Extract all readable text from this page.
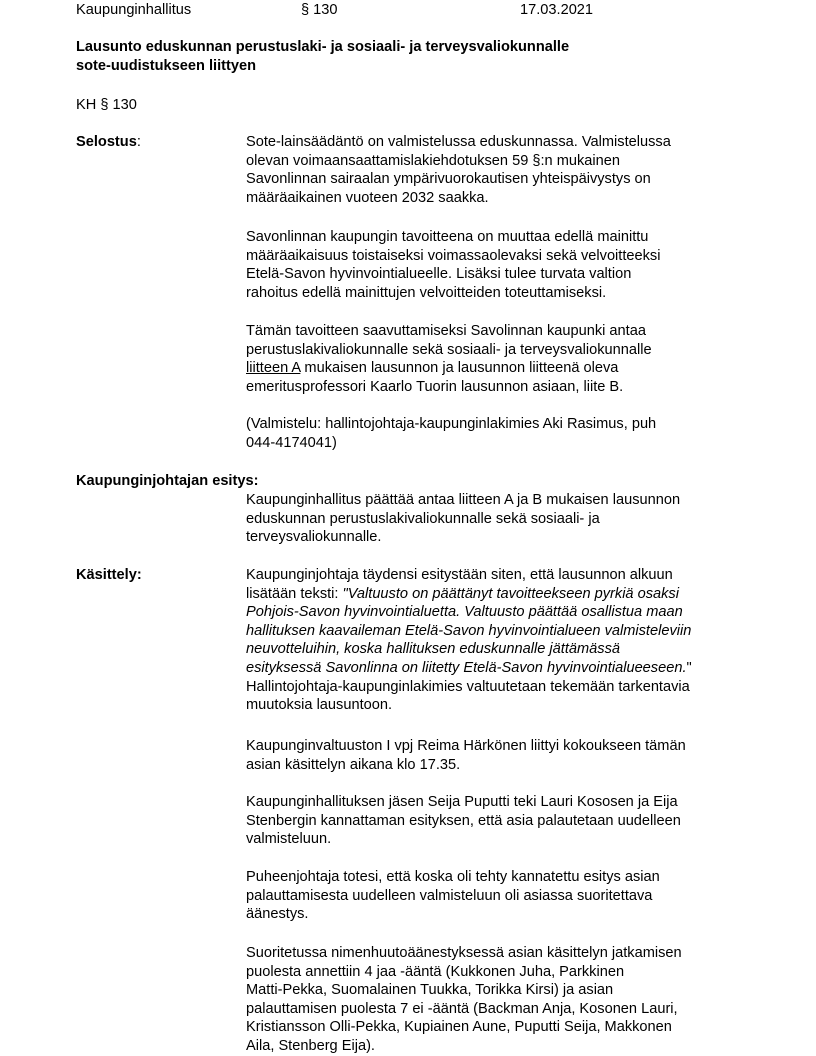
Kaupunginhallitus	§ 130	17.03.2021
Lausunto eduskunnan perustuslaki- ja sosiaali- ja terveysvaliokunnalle
sote-uudistukseen liittyen
KH § 130
Selostus:	Sote-lainsäädäntö on valmistelussa eduskunnassa. Valmistelussa

olevan voimaansaattamislakiehdotuksen 59 §:n mukainen

Savonlinnan sairaalan ympärivuorokautisen yhteispäivystys on

määräaikainen vuoteen 2032 saakka.

Savonlinnan kaupungin tavoitteena on muuttaa edellä mainittu

määräaikaisuus toistaiseksi voimassaolevaksi sekä velvoitteeksi

Etelä-Savon hyvinvointialueelle. Lisäksi tulee turvata valtion

rahoitus edellä mainittujen velvoitteiden toteuttamiseksi.

Tämän tavoitteen saavuttamiseksi Savolinnan kaupunki antaa

perustuslakivaliokunnalle sekä sosiaali- ja terveysvaliokunnalle

liitteen A mukaisen lausunnon ja lausunnon liitteenä oleva

emeritusprofessori Kaarlo Tuorin lausunnon asiaan, liite B.

(Valmistelu: hallintojohtaja-kaupunginlakimies Aki Rasimus, puh

044-4174041)

Kaupunginjohtajan esitys:

Kaupunginhallitus päättää antaa liitteen A ja B mukaisen lausunnon

eduskunnan perustuslakivaliokunnalle sekä sosiaali- ja

terveysvaliokunnalle.

Käsittely:	Kaupunginjohtaja täydensi esitystään siten, että lausunnon alkuun

lisätään teksti: "Valtuusto on päättänyt tavoitteekseen pyrkiä osaksi

Pohjois-Savon hyvinvointialuetta. Valtuusto päättää osallistua maan

hallituksen kaavaileman Etelä-Savon hyvinvointialueen valmisteleviin

neuvotteluihin, koska hallituksen eduskunnalle jättämässä

esityksessä Savonlinna on liitetty Etelä-Savon hyvinvointialueeseen."

Hallintojohtaja-kaupunginlakimies valtuutetaan tekemään tarkentavia

muutoksia lausuntoon.

Kaupunginvaltuuston I vpj Reima Härkönen liittyi kokoukseen tämän

asian käsittelyn aikana klo 17.35.

Kaupunginhallituksen jäsen Seija Puputti teki Lauri Kososen ja Eija

Stenbergin kannattaman esityksen, että asia palautetaan uudelleen

valmisteluun.

Puheenjohtaja totesi, että koska oli tehty kannatettu esitys asian

palauttamisesta uudelleen valmisteluun oli asiassa suoritettava

äänestys.

Suoritetussa nimenhuutoäänestyksessä asian käsittelyn jatkamisen

puolesta annettiin 4 jaa -ääntä (Kukkonen Juha, Parkkinen

Matti-Pekka, Suomalainen Tuukka, Torikka Kirsi) ja asian

palauttamisen puolesta 7 ei -ääntä (Backman Anja, Kosonen Lauri,

Kristiansson Olli-Pekka, Kupiainen Aune, Puputti Seija, Makkonen

Aila, Stenberg Eija).
